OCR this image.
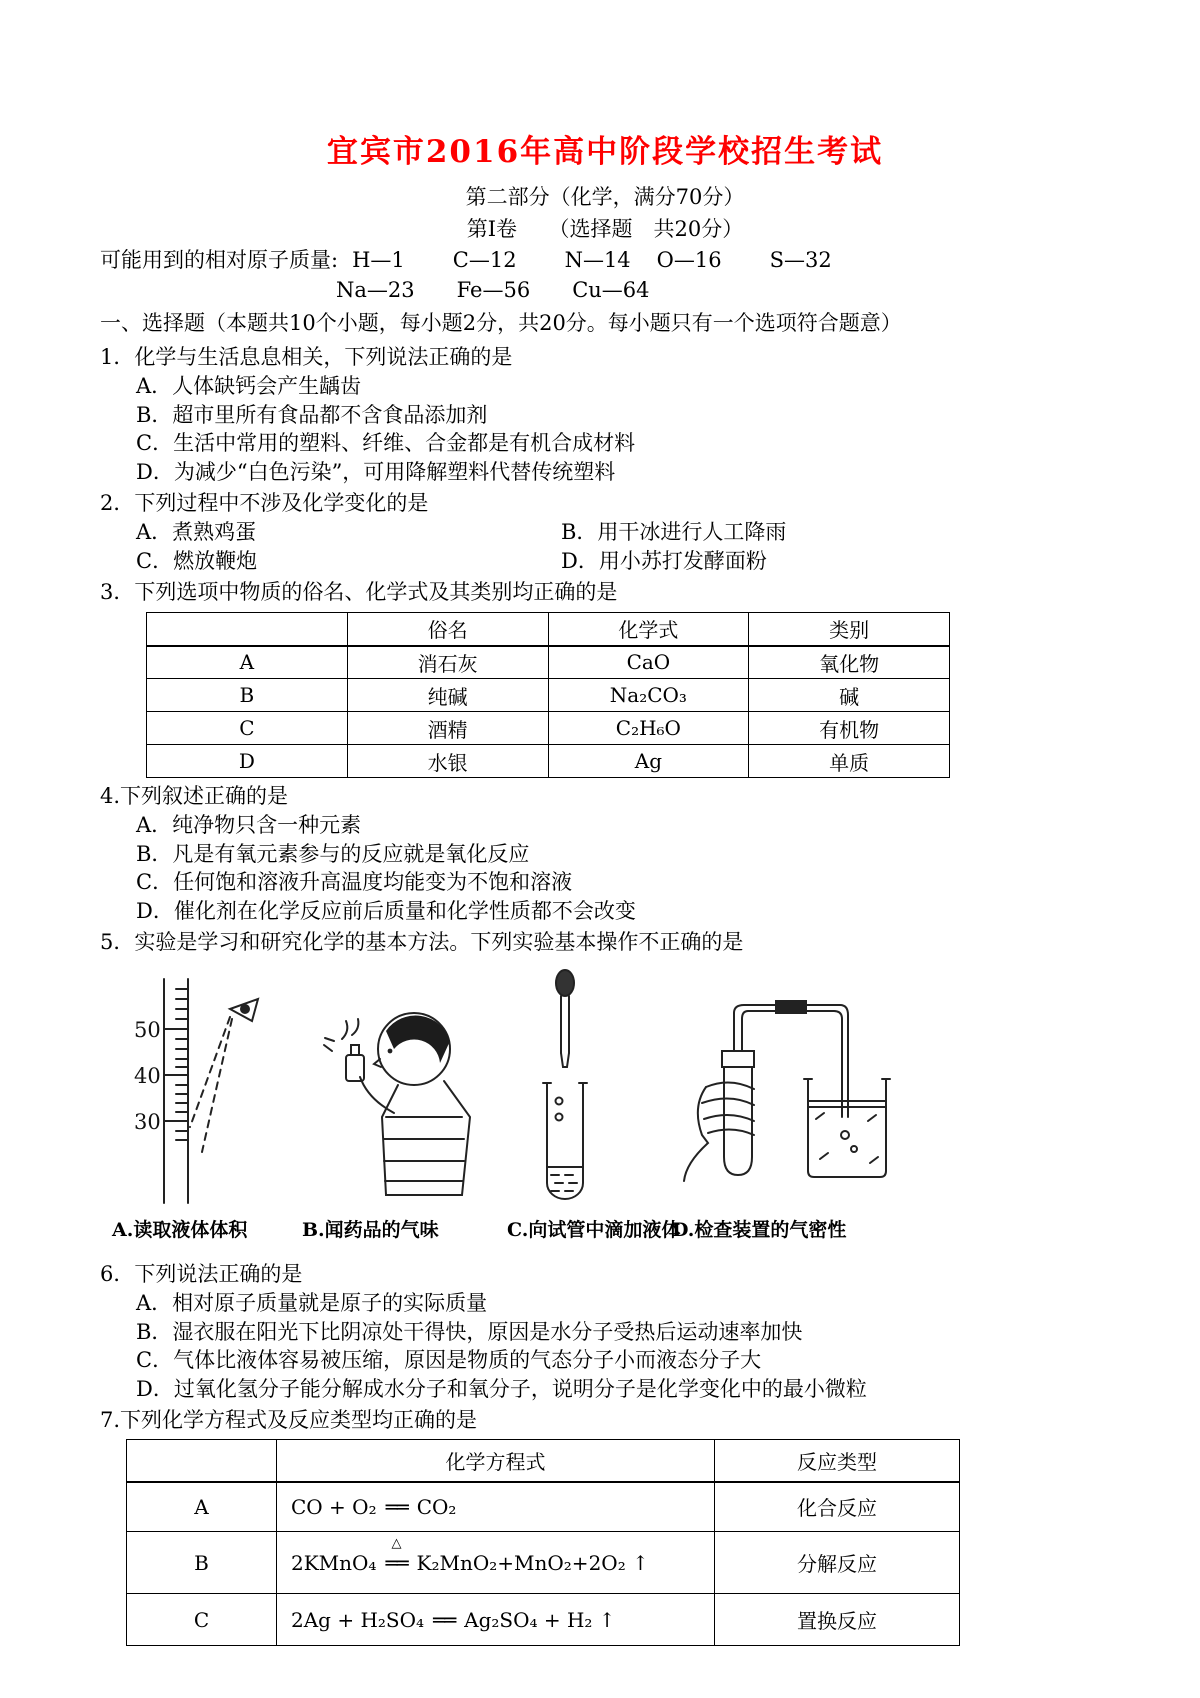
宜宾市2016年高中阶段学校招生考试
第二部分（化学，满分70分）
第Ⅰ卷　　（选择题　共20分）
可能用到的相对原子质量: H—1 C—12 N—14 O—16 S—32
Na—23 Fe—56 Cu—64
一、选择题（本题共10个小题，每小题2分，共20分。每小题只有一个选项符合题意）
1．化学与生活息息相关，下列说法正确的是
A．人体缺钙会产生龋齿
B．超市里所有食品都不含食品添加剂
C．生活中常用的塑料、纤维、合金都是有机合成材料
D．为减少“白色污染”，可用降解塑料代替传统塑料
2．下列过程中不涉及化学变化的是
A．煮熟鸡蛋	B．用干冰进行人工降雨
C．燃放鞭炮	D．用小苏打发酵面粉
3．下列选项中物质的俗名、化学式及其类别均正确的是
	俗名	化学式	类别
A	消石灰	CaO	氧化物
B	纯碱	Na₂CO₃	碱
C	酒精	C₂H₆O	有机物
D	水银	Ag	单质
4.下列叙述正确的是
A．纯净物只含一种元素
B．凡是有氧元素参与的反应就是氧化反应
C．任何饱和溶液升高温度均能变为不饱和溶液
D．催化剂在化学反应前后质量和化学性质都不会改变
5．实验是学习和研究化学的基本方法。下列实验基本操作不正确的是
50
40
30
A.读取液体体积	B.闻药品的气味	C.向试管中滴加液体
D.检查装置的气密性
6．下列说法正确的是
A．相对原子质量就是原子的实际质量
B．湿衣服在阳光下比阴凉处干得快，原因是水分子受热后运动速率加快
C．气体比液体容易被压缩，原因是物质的气态分子小而液态分子大
D．过氧化氢分子能分解成水分子和氧分子，说明分子是化学变化中的最小微粒
7.下列化学方程式及反应类型均正确的是
	化学方程式	反应类型
A	CO + O₂ ══ CO₂	化合反应
B	2KMnO₄
△
══ K₂MnO₂+MnO₂+2O₂ ↑	分解反应
C	2Ag + H₂SO₄ ══ Ag₂SO₄ + H₂ ↑	置换反应
